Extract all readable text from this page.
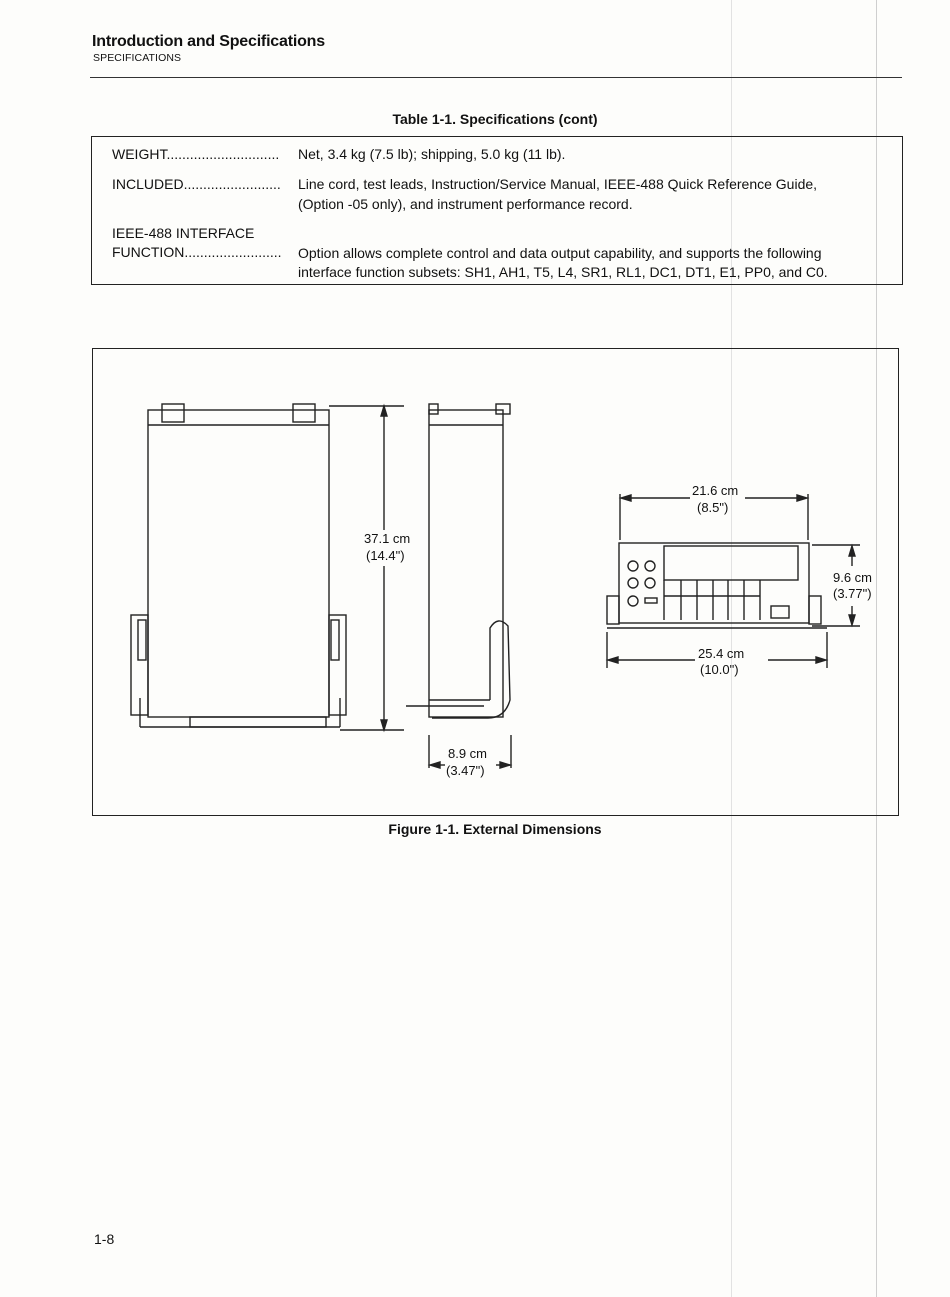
Introduction and Specifications
SPECIFICATIONS
Table 1-1. Specifications (cont)
WEIGHT............................. Net, 3.4 kg (7.5 lb); shipping, 5.0 kg (11 lb).
INCLUDED......................... Line cord, test leads, Instruction/Service Manual, IEEE-488 Quick Reference Guide,
(Option -05 only), and instrument performance record.
IEEE-488 INTERFACE
FUNCTION......................... Option allows complete control and data output capability, and supports the following
interface function subsets: SH1, AH1, T5, L4, SR1, RL1, DC1, DT1, E1, PP0, and C0.
37.1 cm
(14.4")
8.9 cm
(3.47")
21.6 cm
(8.5")
9.6 cm
(3.77")
25.4 cm
(10.0")
Figure 1-1. External Dimensions
1-8
